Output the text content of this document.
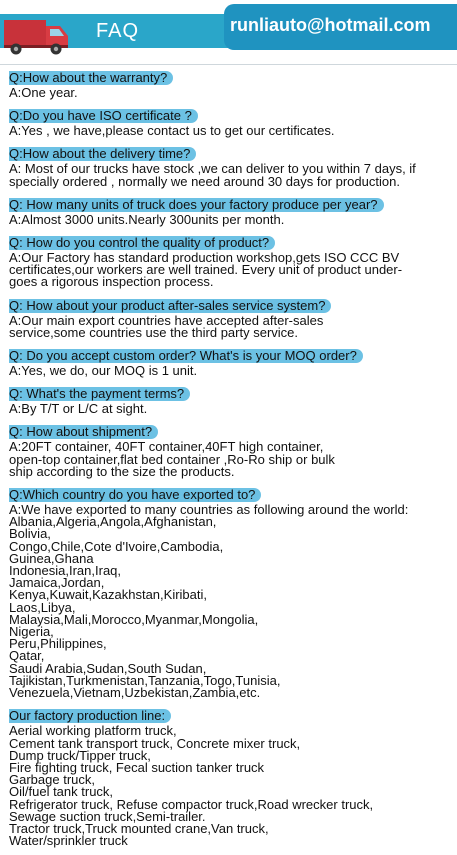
FAQ	runliauto@hotmail.com
Q:How about the warranty?
A:One year.
Q:Do you have ISO certificate ?
A:Yes , we have,please contact us to get our certificates.
Q:How about the delivery time?
A: Most of our trucks have stock ,we can deliver to you within 7 days, if
specially ordered , normally we need around 30 days for production.
Q: How many units of truck does your factory produce per year?
A:Almost 3000 units.Nearly 300units per month.
Q: How do you control the quality of product?
A:Our Factory has standard production workshop,gets ISO CCC BV
certificates,our workers are well trained. Every unit of product under-
goes a rigorous inspection process.
Q: How about your product after-sales service system?
A:Our main export countries have accepted after-sales
service,some countries use the third party service.
Q: Do you accept custom order? What's is your MOQ order?
A:Yes, we do, our MOQ is 1 unit.
Q: What's the payment terms?
A:By T/T or L/C at sight.
Q: How about shipment?
A:20FT container, 40FT container,40FT high container,
open-top container,flat bed container ,Ro-Ro ship or bulk
ship according to the size the products.
Q:Which country do you have exported to?
A:We have exported to many countries as following around the world:
Albania,Algeria,Angola,Afghanistan,
Bolivia,
Congo,Chile,Cote d'Ivoire,Cambodia,
Guinea,Ghana
Indonesia,Iran,Iraq,
Jamaica,Jordan,
Kenya,Kuwait,Kazakhstan,Kiribati,
Laos,Libya,
Malaysia,Mali,Morocco,Myanmar,Mongolia,
Nigeria,
Peru,Philippines,
Qatar,
Saudi Arabia,Sudan,South Sudan,
Tajikistan,Turkmenistan,Tanzania,Togo,Tunisia,
Venezuela,Vietnam,Uzbekistan,Zambia,etc.
Our factory production line:
Aerial working platform truck,
Cement tank transport truck, Concrete mixer truck,
Dump truck/Tipper truck,
Fire fighting truck, Fecal suction tanker truck
Garbage truck,
Oil/fuel tank truck,
Refrigerator truck, Refuse compactor truck,Road wrecker truck,
Sewage suction truck,Semi-trailer.
Tractor truck,Truck mounted crane,Van truck,
Water/sprinkler truck
